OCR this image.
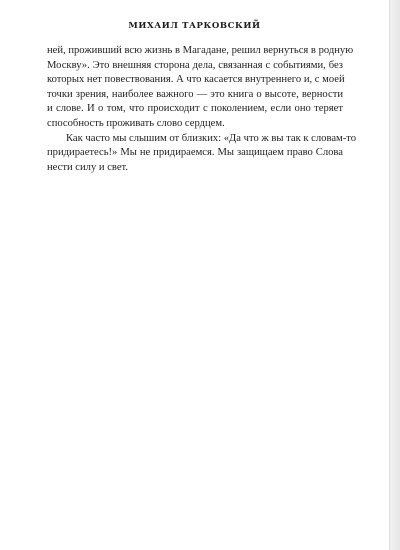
МИХАИЛ ТАРКОВСКИЙ
ней, проживший всю жизнь в Магадане, решил вернуться в родную
Москву». Это внешняя сторона дела, связанная с событиями, без
которых нет повествования. А что касается внутреннего и, с моей
точки зрения, наиболее важного — это книга о высоте, верности
и слове. И о том, что происходит с поколением, если оно теряет
способность проживать слово сердцем.
Как часто мы слышим от близких: «Да что ж вы так к словам-то
придираетесь!» Мы не придираемся. Мы защищаем право Слова
нести силу и свет.
